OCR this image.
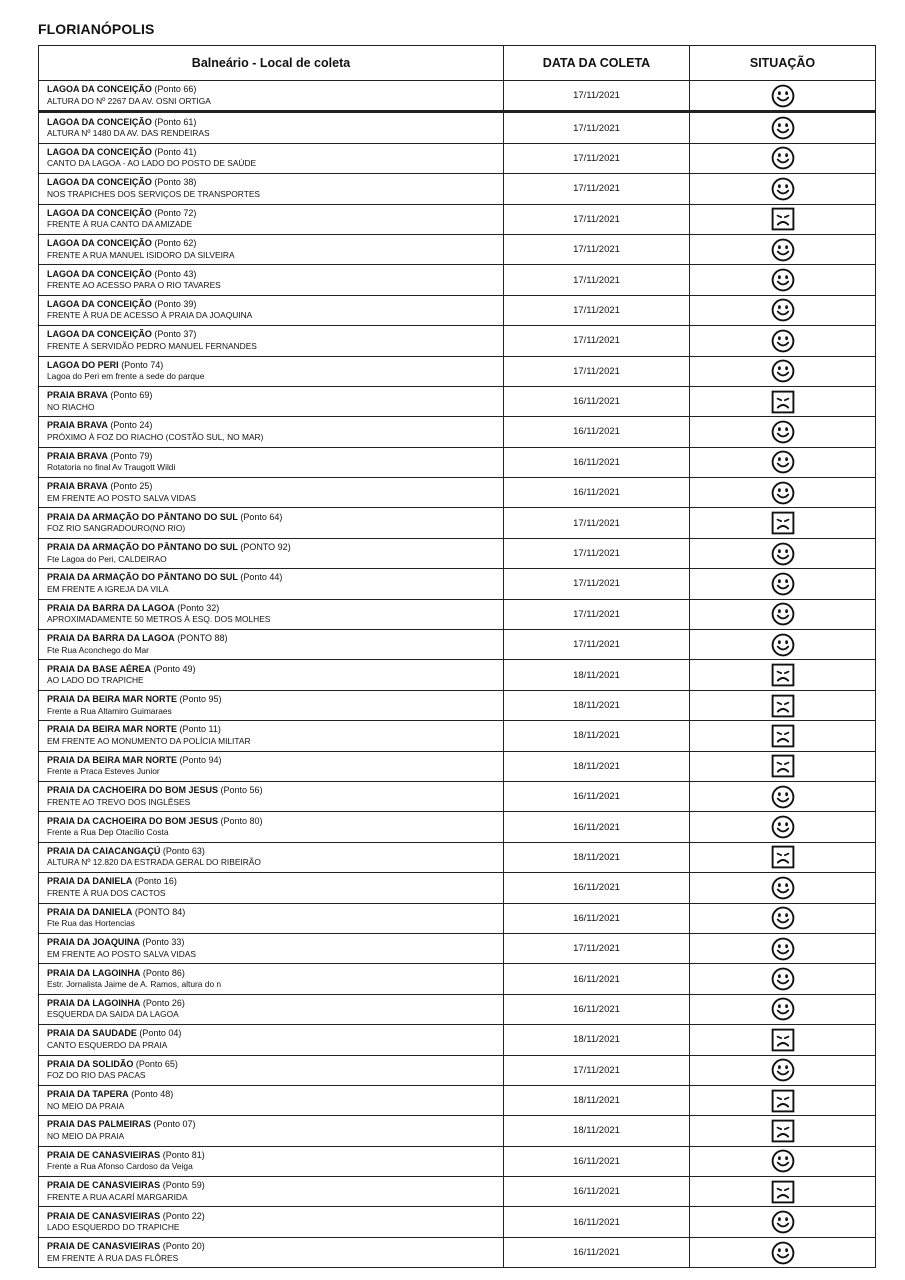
FLORIANÓPOLIS
Balneário - Local de coleta	DATA DA COLETA	SITUAÇÃO

LAGOA DA CONCEIÇÃO (Ponto 66)
ALTURA DO Nº 2267 DA AV. OSNI ORTIGA	17/11/2021	

LAGOA DA CONCEIÇÃO (Ponto 61)
ALTURA Nº 1480 DA AV. DAS RENDEIRAS	17/11/2021	

LAGOA DA CONCEIÇÃO (Ponto 41)
CANTO DA LAGOA - AO LADO DO POSTO DE SAÚDE	17/11/2021	

LAGOA DA CONCEIÇÃO (Ponto 38)
NOS TRAPICHES DOS SERVIÇOS DE TRANSPORTES	17/11/2021	

LAGOA DA CONCEIÇÃO (Ponto 72)
FRENTE À RUA CANTO DA AMIZADE	17/11/2021	

LAGOA DA CONCEIÇÃO (Ponto 62)
FRENTE A RUA MANUEL ISIDORO DA SILVEIRA	17/11/2021	

LAGOA DA CONCEIÇÃO (Ponto 43)
FRENTE AO ACESSO PARA O RIO TAVARES	17/11/2021	

LAGOA DA CONCEIÇÃO (Ponto 39)
FRENTE À RUA DE ACESSO À PRAIA DA JOAQUINA	17/11/2021	

LAGOA DA CONCEIÇÃO (Ponto 37)
FRENTE À SERVIDÃO PEDRO MANUEL FERNANDES	17/11/2021	

LAGOA DO PERI (Ponto 74)
Lagoa do Peri em frente a sede do parque	17/11/2021	

PRAIA BRAVA (Ponto 69)
NO RIACHO	16/11/2021	

PRAIA BRAVA (Ponto 24)
PRÓXIMO À FOZ DO RIACHO (COSTÃO SUL, NO MAR)	16/11/2021	

PRAIA BRAVA (Ponto 79)
Rotatoria no final Av Traugott Wildi	16/11/2021	

PRAIA BRAVA (Ponto 25)
EM FRENTE AO POSTO SALVA VIDAS	16/11/2021	

PRAIA DA ARMAÇÃO DO PÂNTANO DO SUL (Ponto 64)
FOZ RIO SANGRADOURO(NO RIO)	17/11/2021	

PRAIA DA ARMAÇÃO DO PÂNTANO DO SUL (PONTO 92)
Fte Lagoa do Peri, CALDEIRAO	17/11/2021	

PRAIA DA ARMAÇÃO DO PÂNTANO DO SUL (Ponto 44)
EM FRENTE A IGREJA DA VILA	17/11/2021	

PRAIA DA BARRA DA LAGOA (Ponto 32)
APROXIMADAMENTE 50 METROS À ESQ. DOS MOLHES	17/11/2021	

PRAIA DA BARRA DA LAGOA (PONTO 88)
Fte Rua Aconchego do Mar	17/11/2021	

PRAIA DA BASE AÉREA (Ponto 49)
AO LADO DO TRAPICHE	18/11/2021	

PRAIA DA BEIRA MAR NORTE (Ponto 95)
Frente a Rua Altamiro Guimaraes	18/11/2021	

PRAIA DA BEIRA MAR NORTE (Ponto 11)
EM FRENTE AO MONUMENTO DA POLÍCIA MILITAR	18/11/2021	

PRAIA DA BEIRA MAR NORTE (Ponto 94)
Frente a Praca Esteves Junior	18/11/2021	

PRAIA DA CACHOEIRA DO BOM JESUS (Ponto 56)
FRENTE AO TREVO DOS INGLÊSES	16/11/2021	

PRAIA DA CACHOEIRA DO BOM JESUS (Ponto 80)
Frente a Rua Dep Otacílio Costa	16/11/2021	

PRAIA DA CAIACANGAÇÚ (Ponto 63)
ALTURA Nº 12.820 DA ESTRADA GERAL DO RIBEIRÃO	18/11/2021	

PRAIA DA DANIELA (Ponto 16)
FRENTE À RUA DOS CACTOS	16/11/2021	

PRAIA DA DANIELA (PONTO 84)
Fte Rua das Hortencias	16/11/2021	

PRAIA DA JOAQUINA (Ponto 33)
EM FRENTE AO POSTO SALVA VIDAS	17/11/2021	

PRAIA DA LAGOINHA (Ponto 86)
Estr. Jornalista Jaime de A. Ramos, altura do n	16/11/2021	

PRAIA DA LAGOINHA (Ponto 26)
ESQUERDA DA SAIDA DA LAGOA	16/11/2021	

PRAIA DA SAUDADE (Ponto 04)
CANTO ESQUERDO DA PRAIA	18/11/2021	

PRAIA DA SOLIDÃO (Ponto 65)
FOZ DO RIO DAS PACAS	17/11/2021	

PRAIA DA TAPERA (Ponto 48)
NO MEIO DA PRAIA	18/11/2021	

PRAIA DAS PALMEIRAS (Ponto 07)
NO MEIO DA PRAIA	18/11/2021	

PRAIA DE CANASVIEIRAS (Ponto 81)
Frente a Rua Afonso Cardoso da Veiga	16/11/2021	

PRAIA DE CANASVIEIRAS (Ponto 59)
FRENTE A RUA ACARÍ MARGARIDA	16/11/2021	

PRAIA DE CANASVIEIRAS (Ponto 22)
LADO ESQUERDO DO TRAPICHE	16/11/2021	

PRAIA DE CANASVIEIRAS (Ponto 20)
EM FRENTE À RUA DAS FLÔRES	16/11/2021	
